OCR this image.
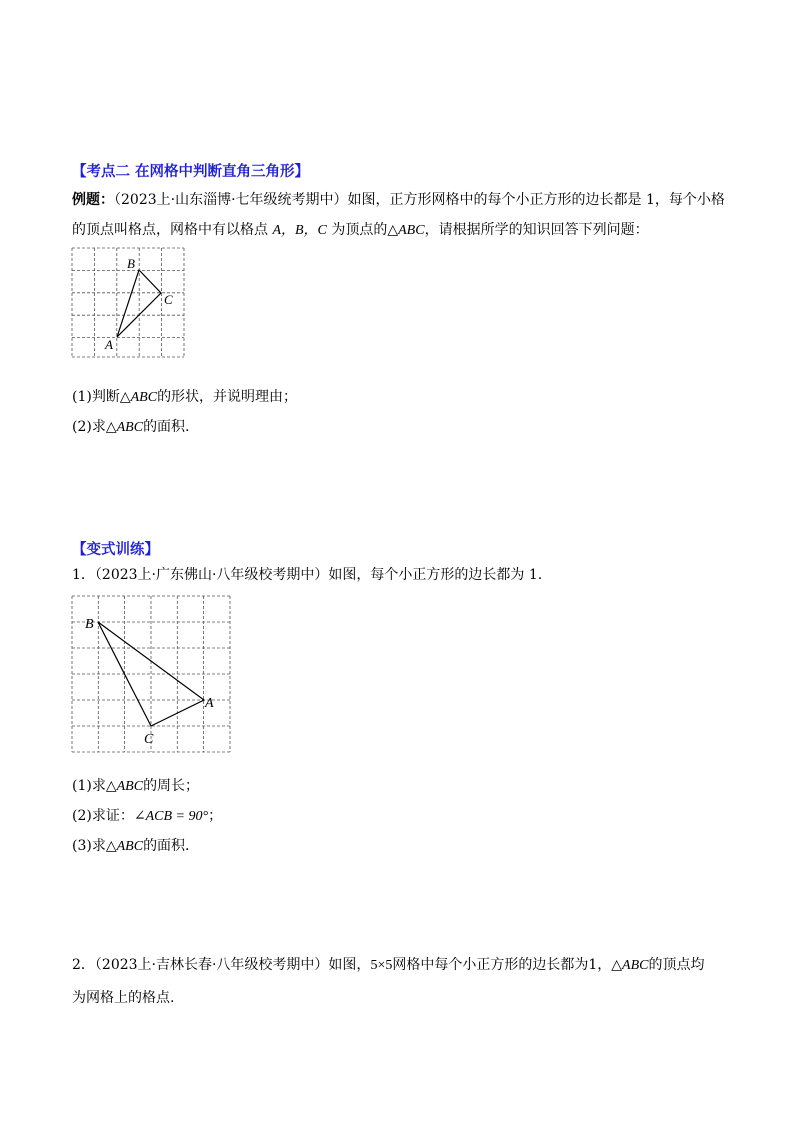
【考点二 在网格中判断直角三角形】
例题：（2023上·山东淄博·七年级统考期中）如图，正方形网格中的每个小正方形的边长都是 1，每个小格
的顶点叫格点，网格中有以格点 A，B，C 为顶点的△ABC，请根据所学的知识回答下列问题：
B
C
A
(1)判断△ABC的形状，并说明理由；
(2)求△ABC的面积.
【变式训练】
1．（2023上·广东佛山·八年级校考期中）如图，每个小正方形的边长都为 1.
B
A
C
(1)求△ABC的周长；
(2)求证：∠ACB = 90°；
(3)求△ABC的面积.
2．（2023上·吉林长春·八年级校考期中）如图，5×5网格中每个小正方形的边长都为1，△ABC的顶点均
为网格上的格点.
